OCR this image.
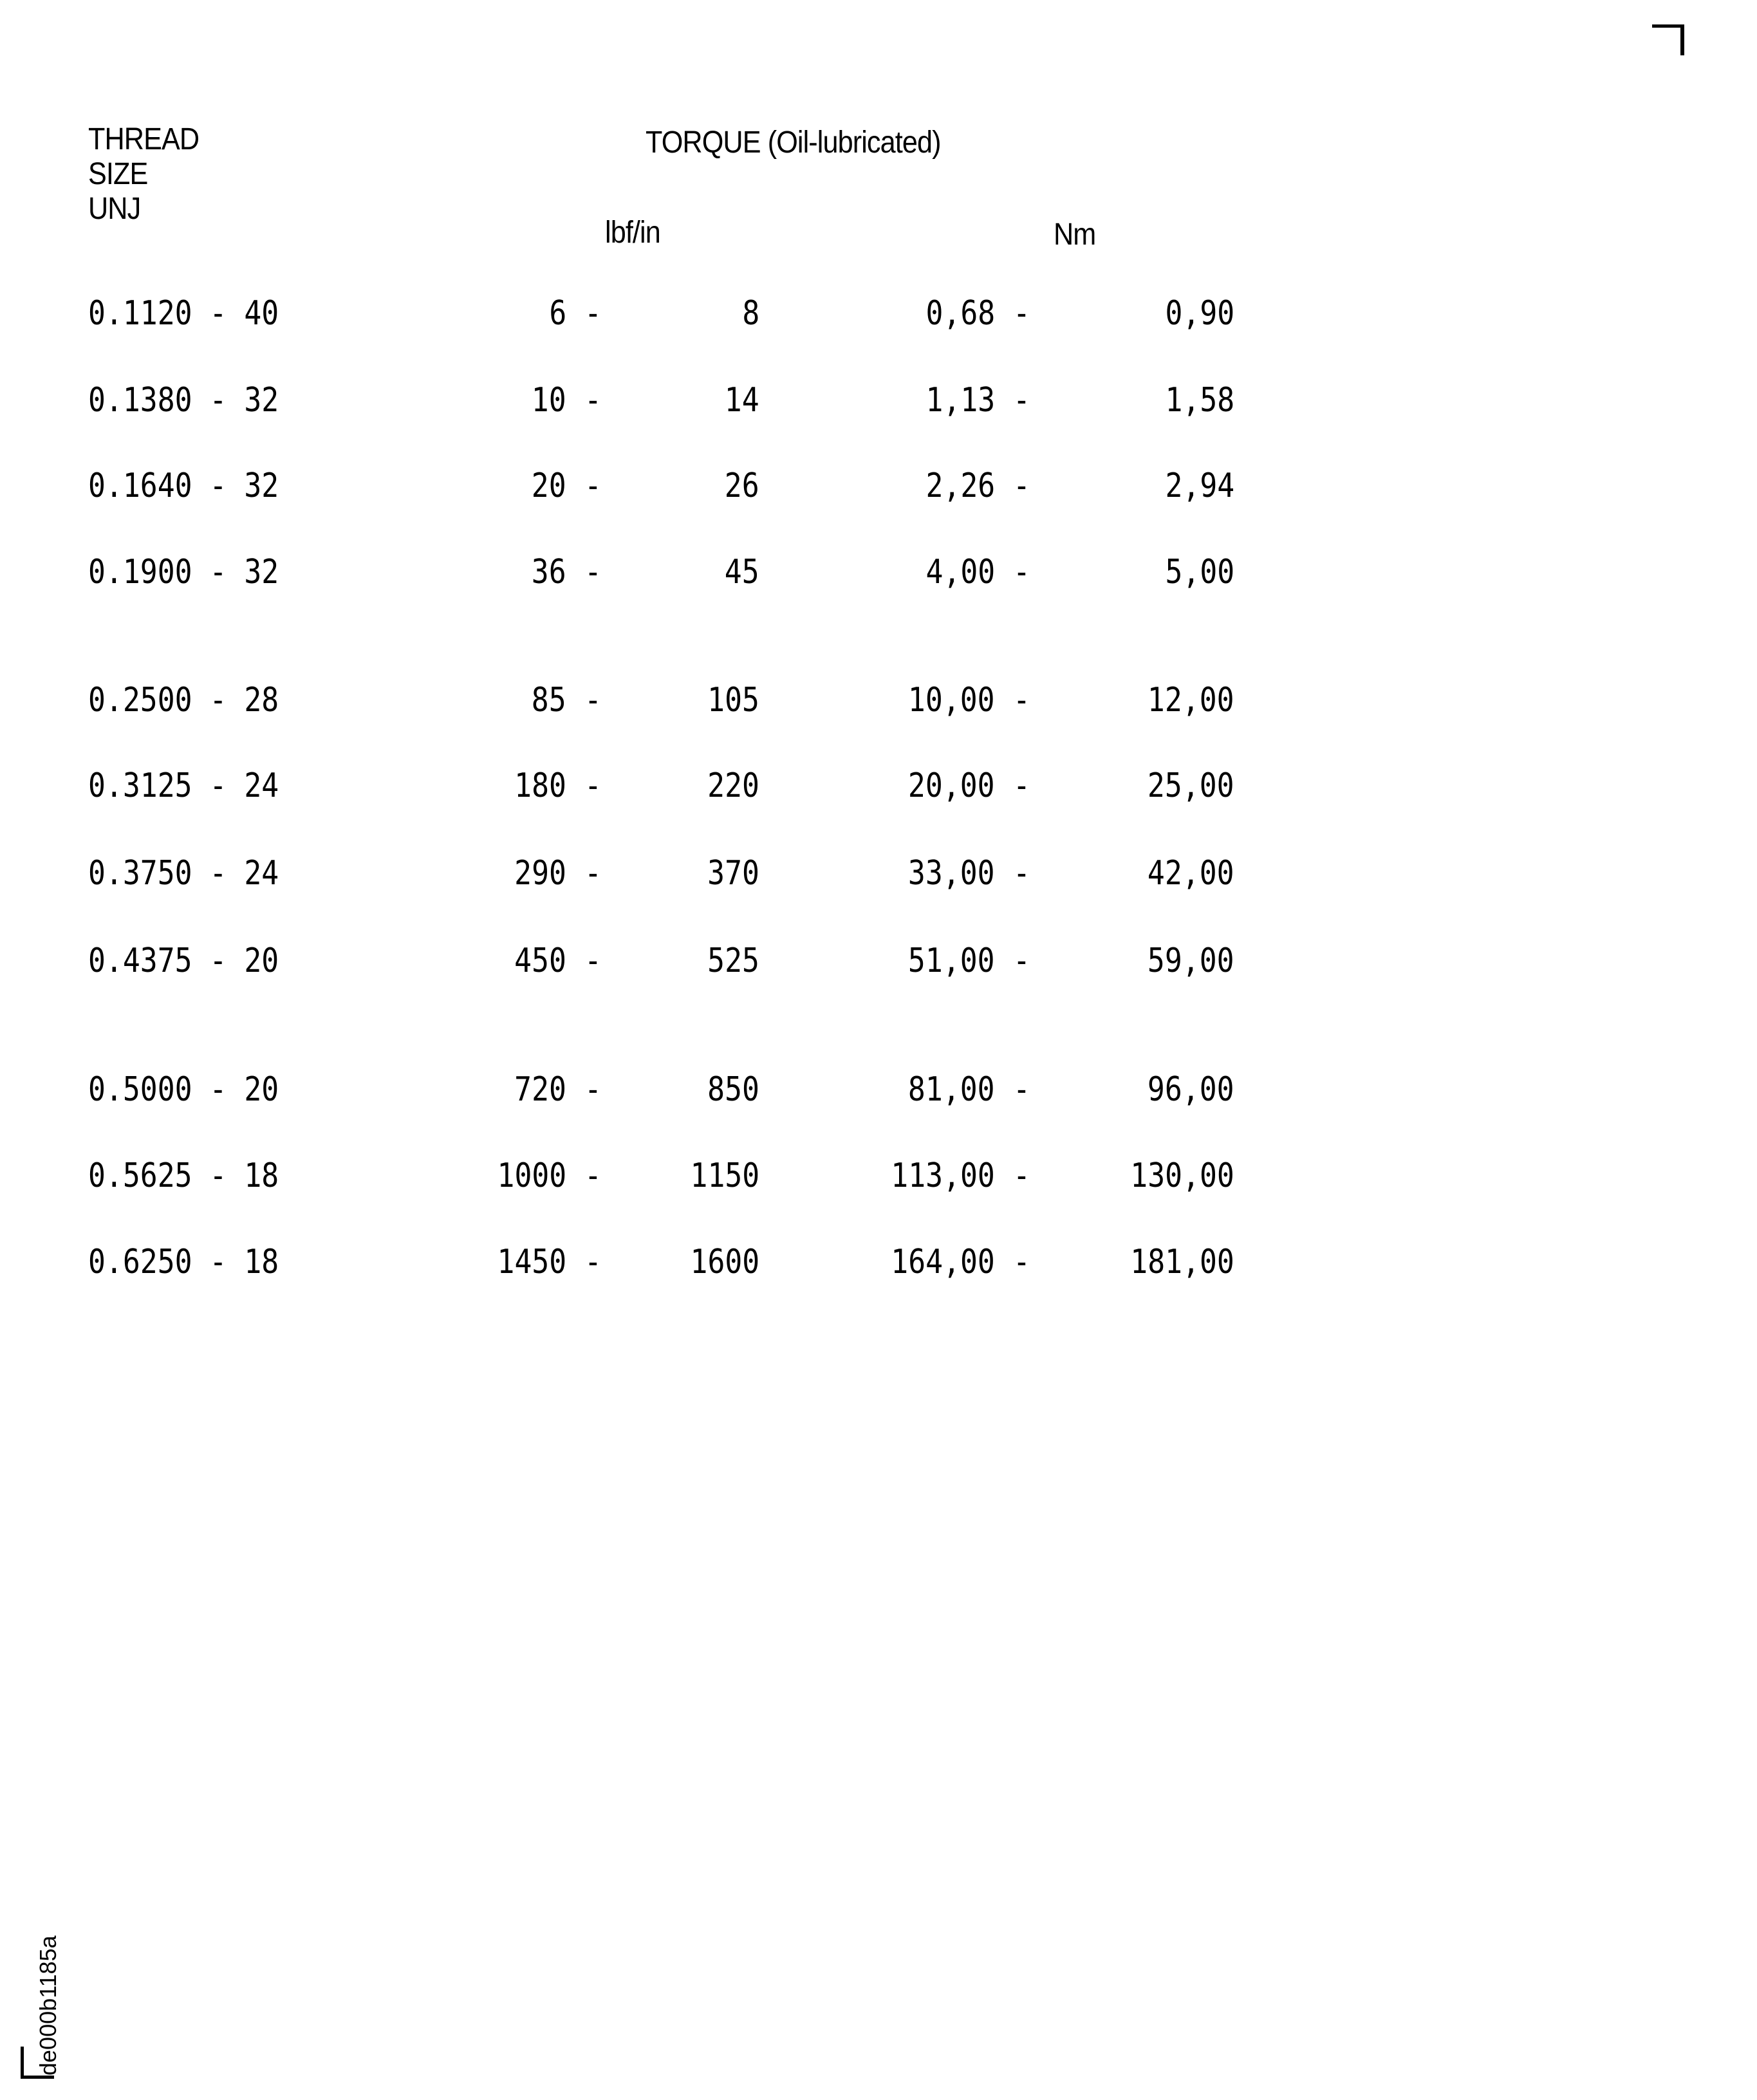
THREAD
SIZE
UNJ
TORQUE (Oil-lubricated)
lbf/in	Nm
0.1120 - 40	6 -	8	0,68 -	0,90
0.1380 - 32	10 -	14	1,13 -	1,58
0.1640 - 32	20 -	26	2,26 -	2,94
0.1900 - 32	36 -	45	4,00 -	5,00
0.2500 - 28	85 -	105	10,00 -	12,00
0.3125 - 24	180 -	220	20,00 -	25,00
0.3750 - 24	290 -	370	33,00 -	42,00
0.4375 - 20	450 -	525	51,00 -	59,00
0.5000 - 20	720 -	850	81,00 -	96,00
0.5625 - 18	1000 -	1150	113,00 -	130,00
0.6250 - 18	1450 -	1600	164,00 -	181,00
de000b1185a
